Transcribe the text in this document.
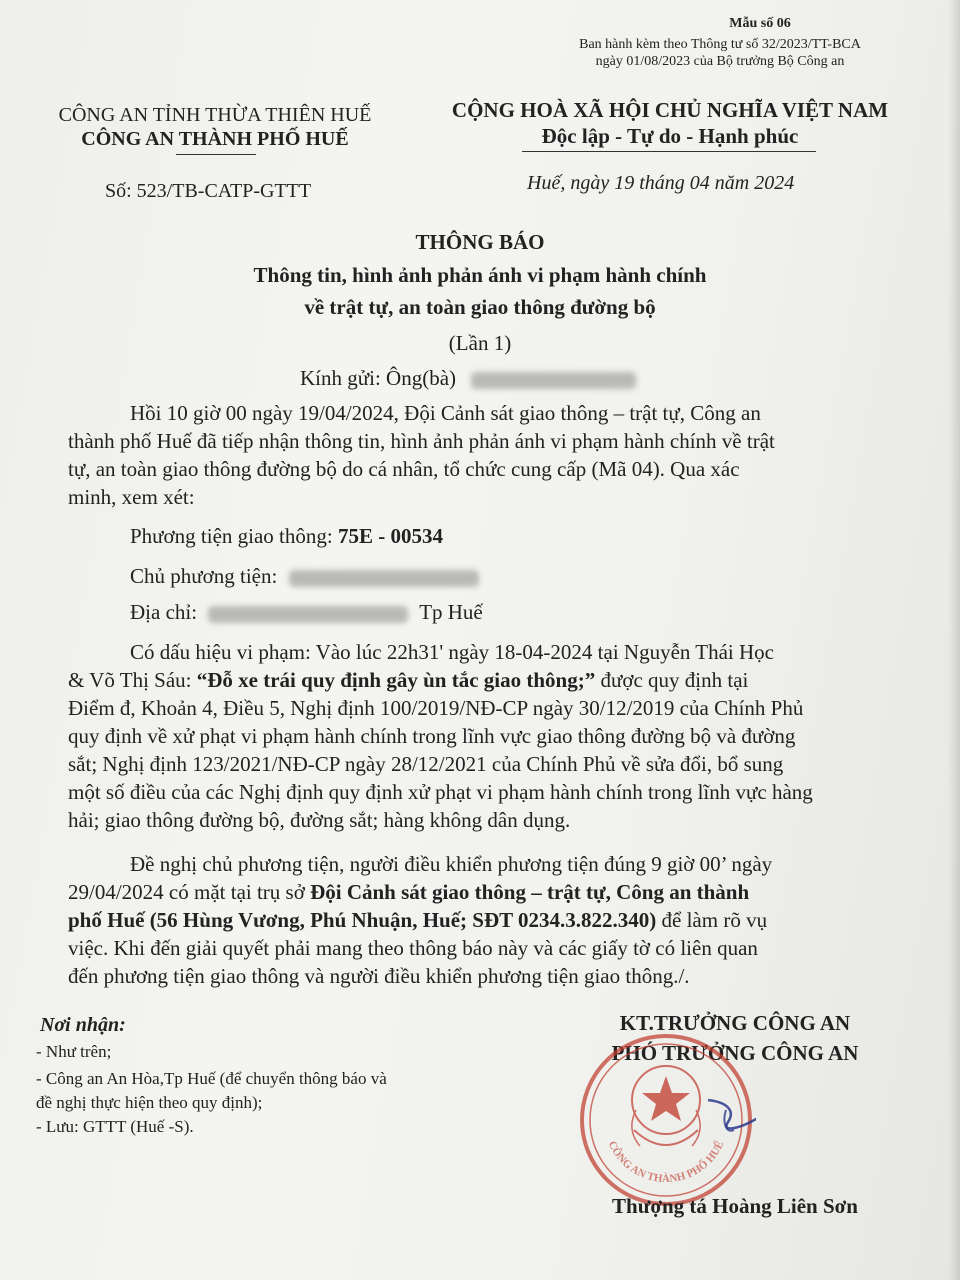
Mẫu số 06
Ban hành kèm theo Thông tư số 32/2023/TT-BCA
ngày 01/08/2023 của Bộ trưởng Bộ Công an
CÔNG AN TỈNH THỪA THIÊN HUẾ
CÔNG AN THÀNH PHỐ HUẾ
CỘNG HOÀ XÃ HỘI CHỦ NGHĨA VIỆT NAM
Độc lập - Tự do - Hạnh phúc
Số: 523/TB-CATP-GTTT	Huế, ngày 19 tháng 04 năm 2024
THÔNG BÁO
Thông tin, hình ảnh phản ánh vi phạm hành chính
về trật tự, an toàn giao thông đường bộ
(Lần 1)
Kính gửi: Ông(bà)
Hồi 10 giờ 00 ngày 19/04/2024, Đội Cảnh sát giao thông – trật tự, Công an
thành phố Huế đã tiếp nhận thông tin, hình ảnh phản ánh vi phạm hành chính về trật
tự, an toàn giao thông đường bộ do cá nhân, tổ chức cung cấp (Mã 04). Qua xác
minh, xem xét:
Phương tiện giao thông: 75E - 00534
Chủ phương tiện:
Địa chỉ:	Tp Huế
Có dấu hiệu vi phạm: Vào lúc 22h31' ngày 18-04-2024 tại Nguyễn Thái Học
& Võ Thị Sáu: “Đỗ xe trái quy định gây ùn tắc giao thông;” được quy định tại
Điểm đ, Khoản 4, Điều 5, Nghị định 100/2019/NĐ-CP ngày 30/12/2019 của Chính Phủ
quy định về xử phạt vi phạm hành chính trong lĩnh vực giao thông đường bộ và đường
sắt; Nghị định 123/2021/NĐ-CP ngày 28/12/2021 của Chính Phủ về sửa đổi, bổ sung
một số điều của các Nghị định quy định xử phạt vi phạm hành chính trong lĩnh vực hàng
hải; giao thông đường bộ, đường sắt; hàng không dân dụng.
Đề nghị chủ phương tiện, người điều khiển phương tiện đúng 9 giờ 00’ ngày
29/04/2024 có mặt tại trụ sở Đội Cảnh sát giao thông – trật tự, Công an thành
phố Huế (56 Hùng Vương, Phú Nhuận, Huế; SĐT 0234.3.822.340) để làm rõ vụ
việc. Khi đến giải quyết phải mang theo thông báo này và các giấy tờ có liên quan
đến phương tiện giao thông và người điều khiển phương tiện giao thông./.
Nơi nhận:
- Như trên;
- Công an An Hòa,Tp Huế (để chuyển thông báo và
đề nghị thực hiện theo quy định);
- Lưu: GTTT (Huế -S).
KT.TRƯỞNG CÔNG AN
PHÓ TRƯỞNG CÔNG AN
CÔNG AN THÀNH PHỐ HUẾ
Thượng tá Hoàng Liên Sơn
